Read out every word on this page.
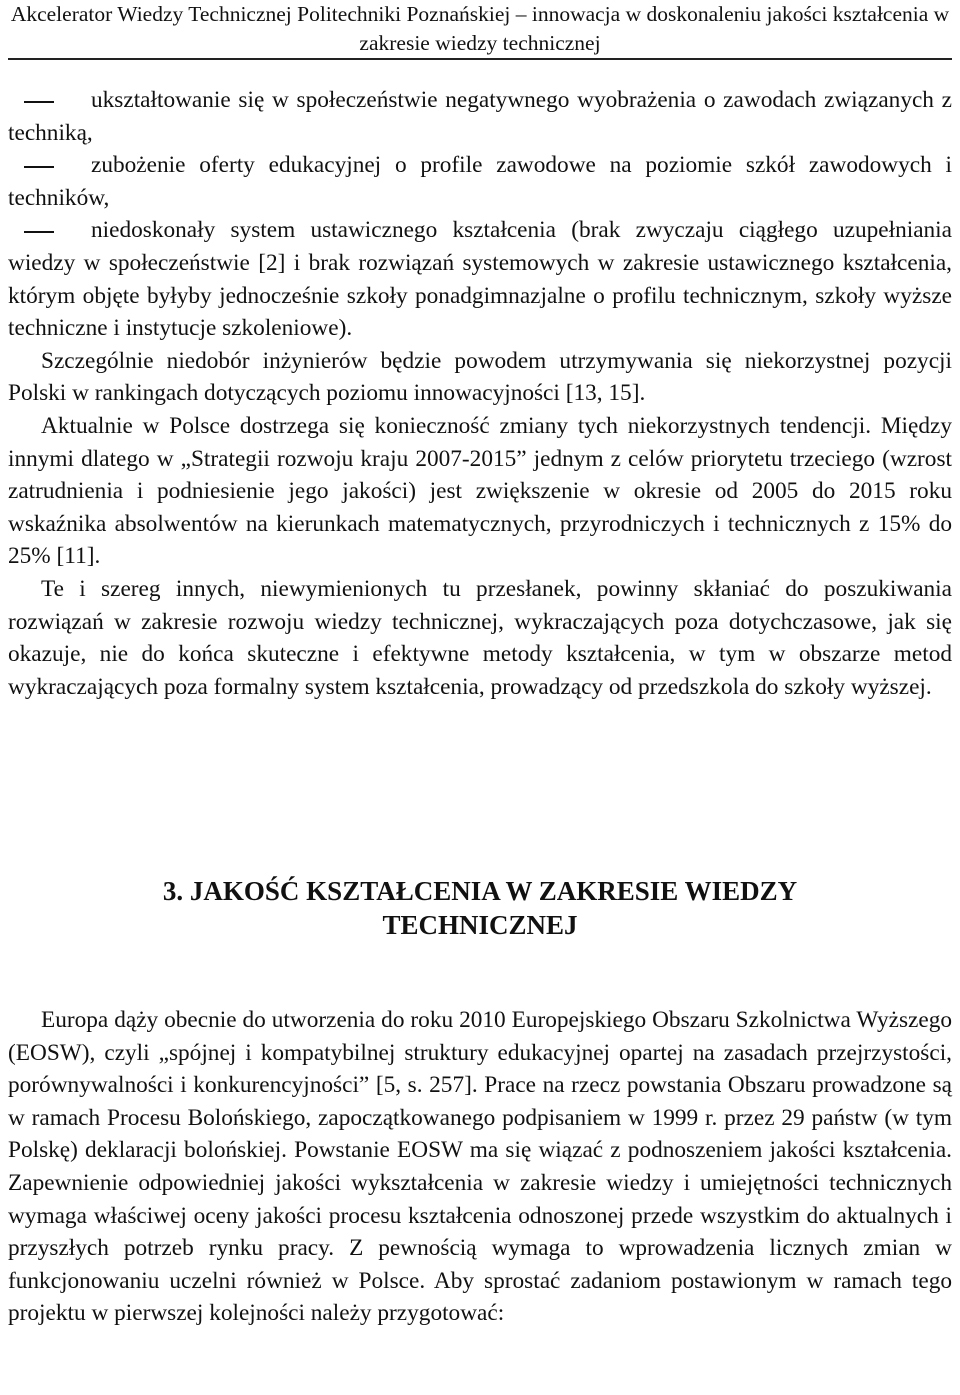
Akcelerator Wiedzy Technicznej Politechniki Poznańskiej – innowacja w doskonaleniu jakości kształcenia w zakresie wiedzy technicznej

ukształtowanie się w społeczeństwie negatywnego wyobrażenia o zawodach związanych z techniką,

zubożenie oferty edukacyjnej o profile zawodowe na poziomie szkół zawodowych i techników,

niedoskonały system ustawicznego kształcenia (brak zwyczaju ciągłego uzupełniania wiedzy w społeczeństwie [2] i brak rozwiązań systemowych w zakresie ustawicznego kształcenia, którym objęte byłyby jednocześnie szkoły ponadgimnazjalne o profilu technicznym, szkoły wyższe techniczne i instytucje szkoleniowe).

Szczególnie niedobór inżynierów będzie powodem utrzymywania się niekorzystnej pozycji Polski w rankingach dotyczących poziomu innowacyjności [13, 15].

Aktualnie w Polsce dostrzega się konieczność zmiany tych niekorzystnych tendencji. Między innymi dlatego w „Strategii rozwoju kraju 2007-2015” jednym z celów priorytetu trzeciego (wzrost zatrudnienia i podniesienie jego jakości) jest zwiększenie w okresie od 2005 do 2015 roku wskaźnika absolwentów na kierunkach matematycznych, przyrodniczych i technicznych z 15% do 25% [11].

Te i szereg innych, niewymienionych tu przesłanek, powinny skłaniać do poszukiwania rozwiązań w zakresie rozwoju wiedzy technicznej, wykraczających poza dotychczasowe, jak się okazuje, nie do końca skuteczne i efektywne metody kształcenia, w tym w obszarze metod wykraczających poza formalny system kształcenia, prowadzący od przedszkola do szkoły wyższej.

3. JAKOŚĆ KSZTAŁCENIA W ZAKRESIE WIEDZY
TECHNICZNEJ

Europa dąży obecnie do utworzenia do roku 2010 Europejskiego Obszaru Szkolnictwa Wyższego (EOSW), czyli „spójnej i kompatybilnej struktury edukacyjnej opartej na zasadach przejrzystości, porównywalności i konkurencyjności” [5, s. 257]. Prace na rzecz powstania Obszaru prowadzone są w ramach Procesu Bolońskiego, zapoczątkowanego podpisaniem w 1999 r. przez 29 państw (w tym Polskę) deklaracji bolońskiej. Powstanie EOSW ma się wiązać z podnoszeniem jakości kształcenia. Zapewnienie odpowiedniej jakości wykształcenia w zakresie wiedzy i umiejętności technicznych wymaga właściwej oceny jakości procesu kształcenia odnoszonej przede wszystkim do aktualnych i przyszłych potrzeb rynku pracy. Z pewnością wymaga to wprowadzenia licznych zmian w funkcjonowaniu uczelni również w Polsce. Aby sprostać zadaniom postawionym w ramach tego projektu w pierwszej kolejności należy przygotować:
